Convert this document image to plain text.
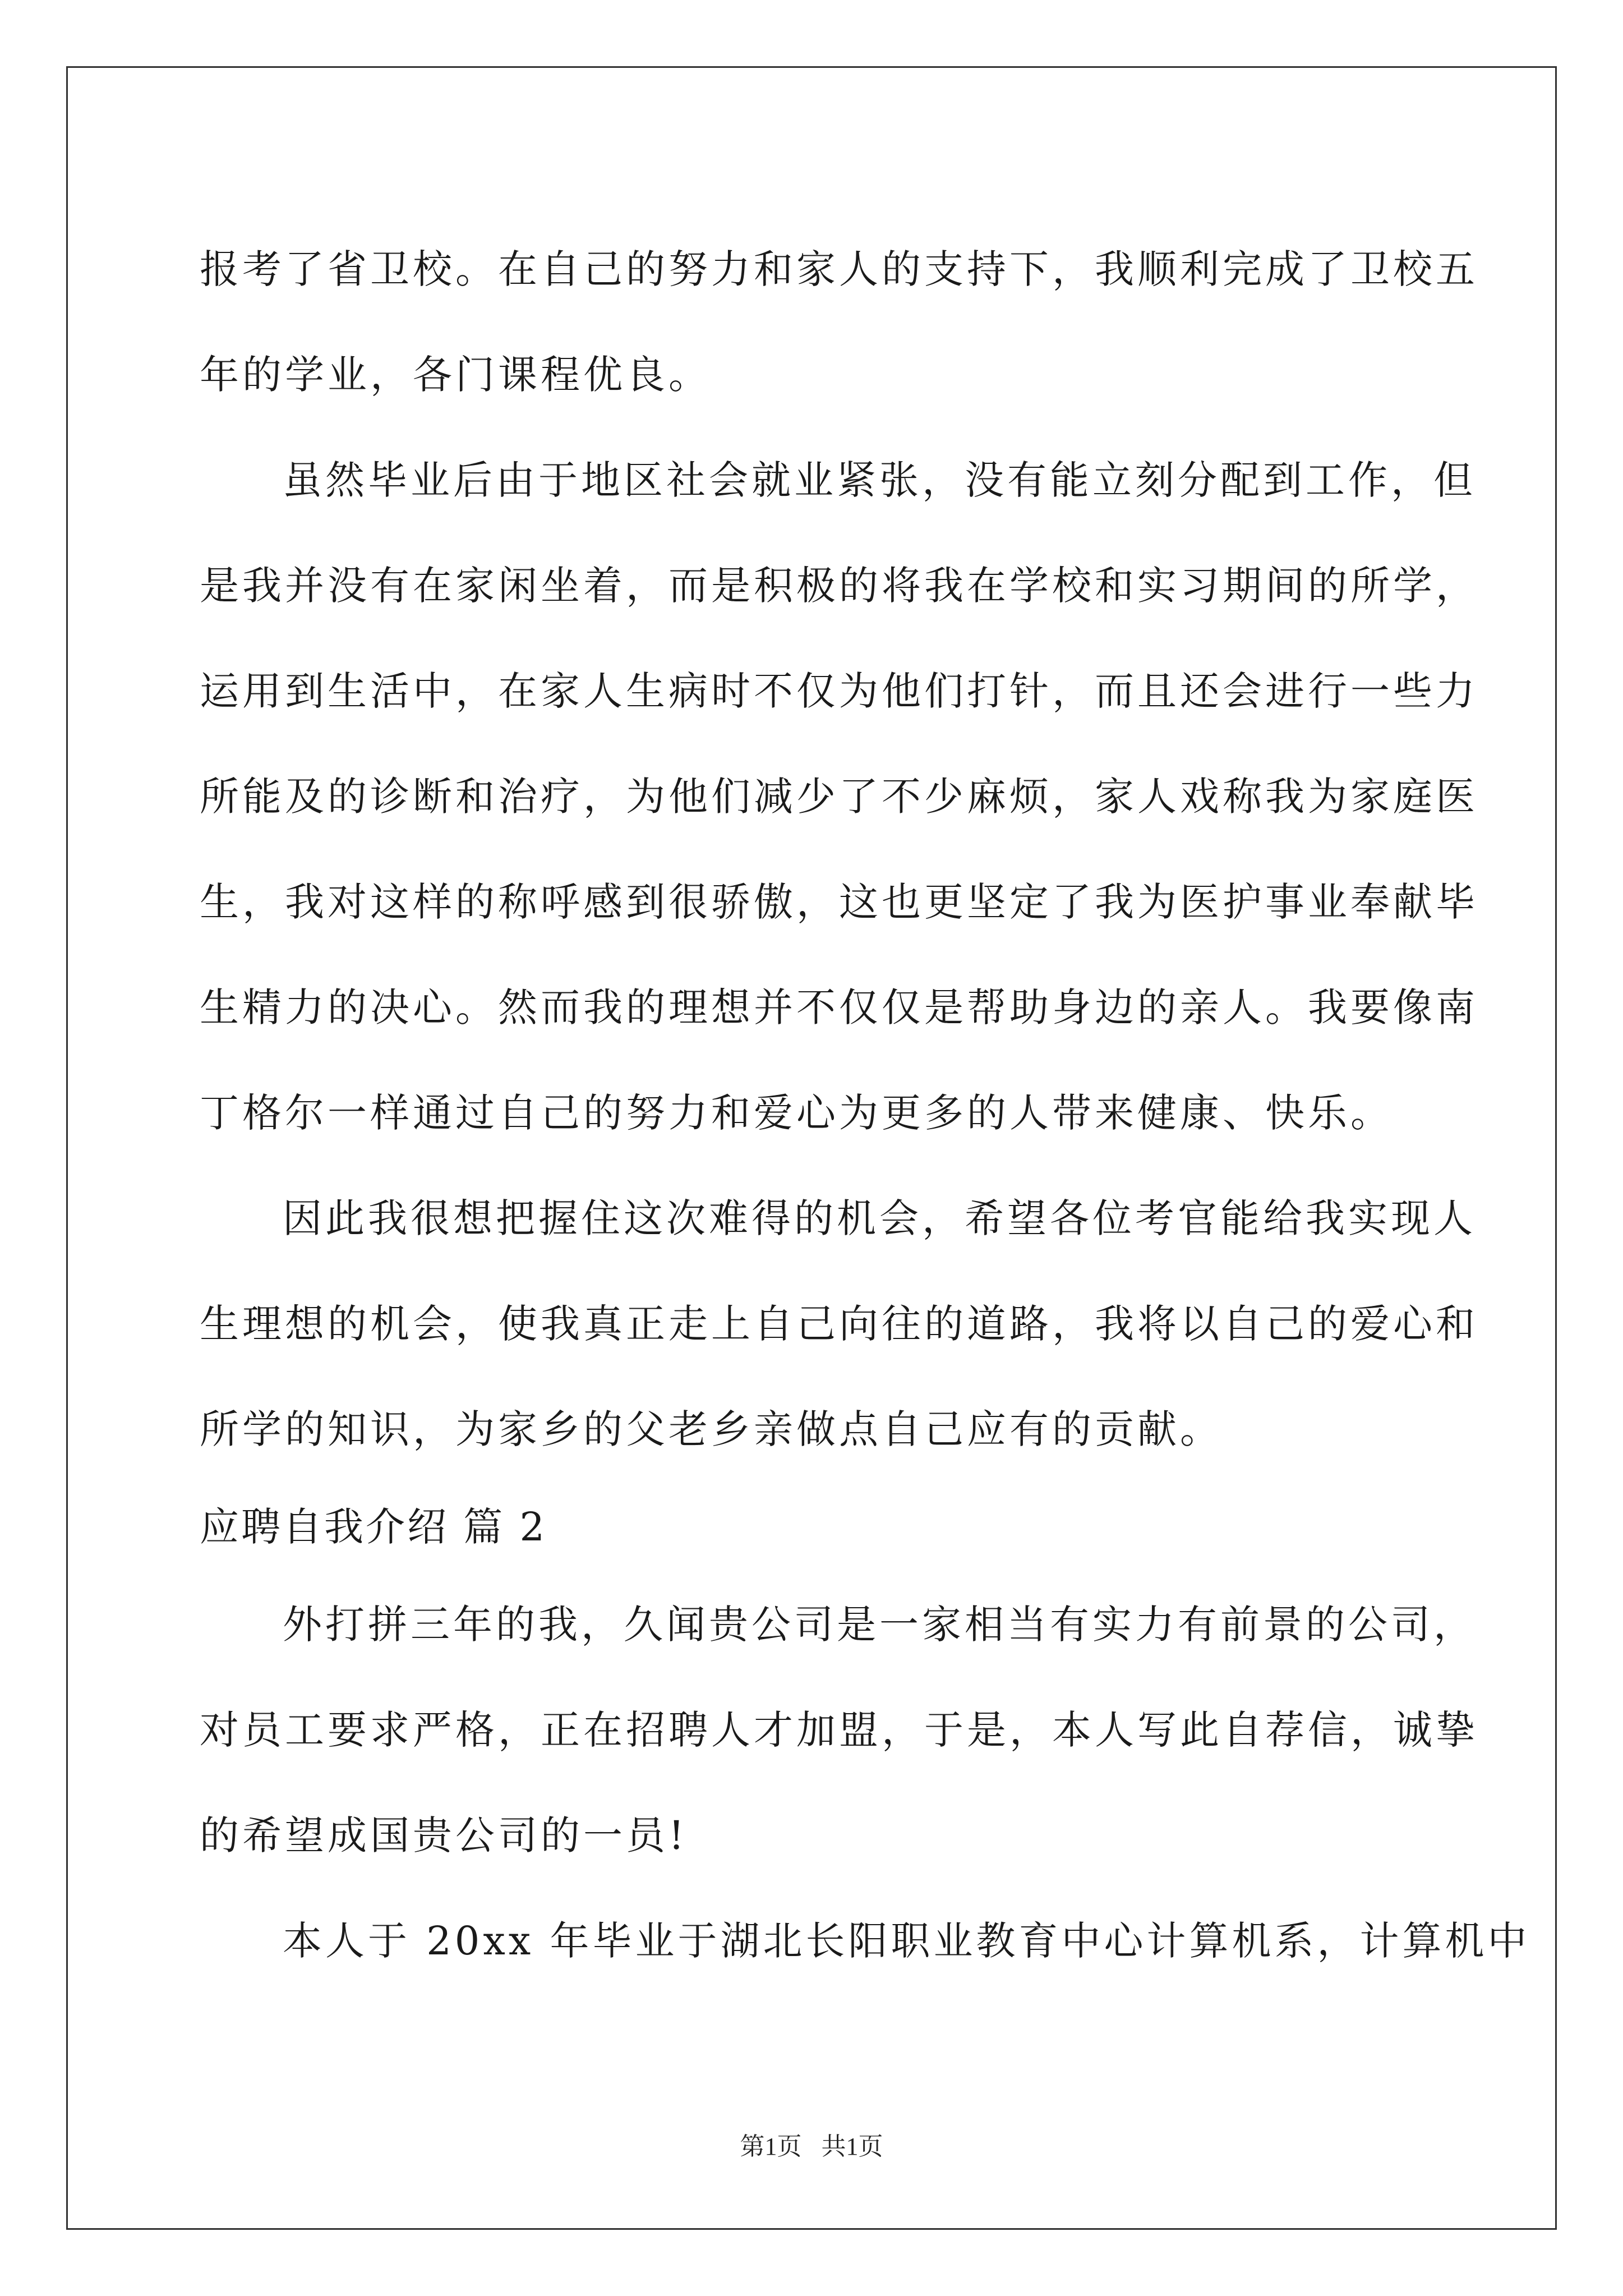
报考了省卫校。在自己的努力和家人的支持下，我顺利完成了卫校五
年的学业，各门课程优良。
虽然毕业后由于地区社会就业紧张，没有能立刻分配到工作，但
是我并没有在家闲坐着，而是积极的将我在学校和实习期间的所学，
运用到生活中，在家人生病时不仅为他们打针，而且还会进行一些力
所能及的诊断和治疗，为他们减少了不少麻烦，家人戏称我为家庭医
生，我对这样的称呼感到很骄傲，这也更坚定了我为医护事业奉献毕
生精力的决心。然而我的理想并不仅仅是帮助身边的亲人。我要像南
丁格尔一样通过自己的努力和爱心为更多的人带来健康、快乐。
因此我很想把握住这次难得的机会，希望各位考官能给我实现人
生理想的机会，使我真正走上自己向往的道路，我将以自己的爱心和
所学的知识，为家乡的父老乡亲做点自己应有的贡献。
应聘自我介绍 篇 2
外打拼三年的我，久闻贵公司是一家相当有实力有前景的公司，
对员工要求严格，正在招聘人才加盟，于是，本人写此自荐信，诚挚
的希望成国贵公司的一员!
本人于 20xx 年毕业于湖北长阳职业教育中心计算机系，计算机中
第1页 共1页
